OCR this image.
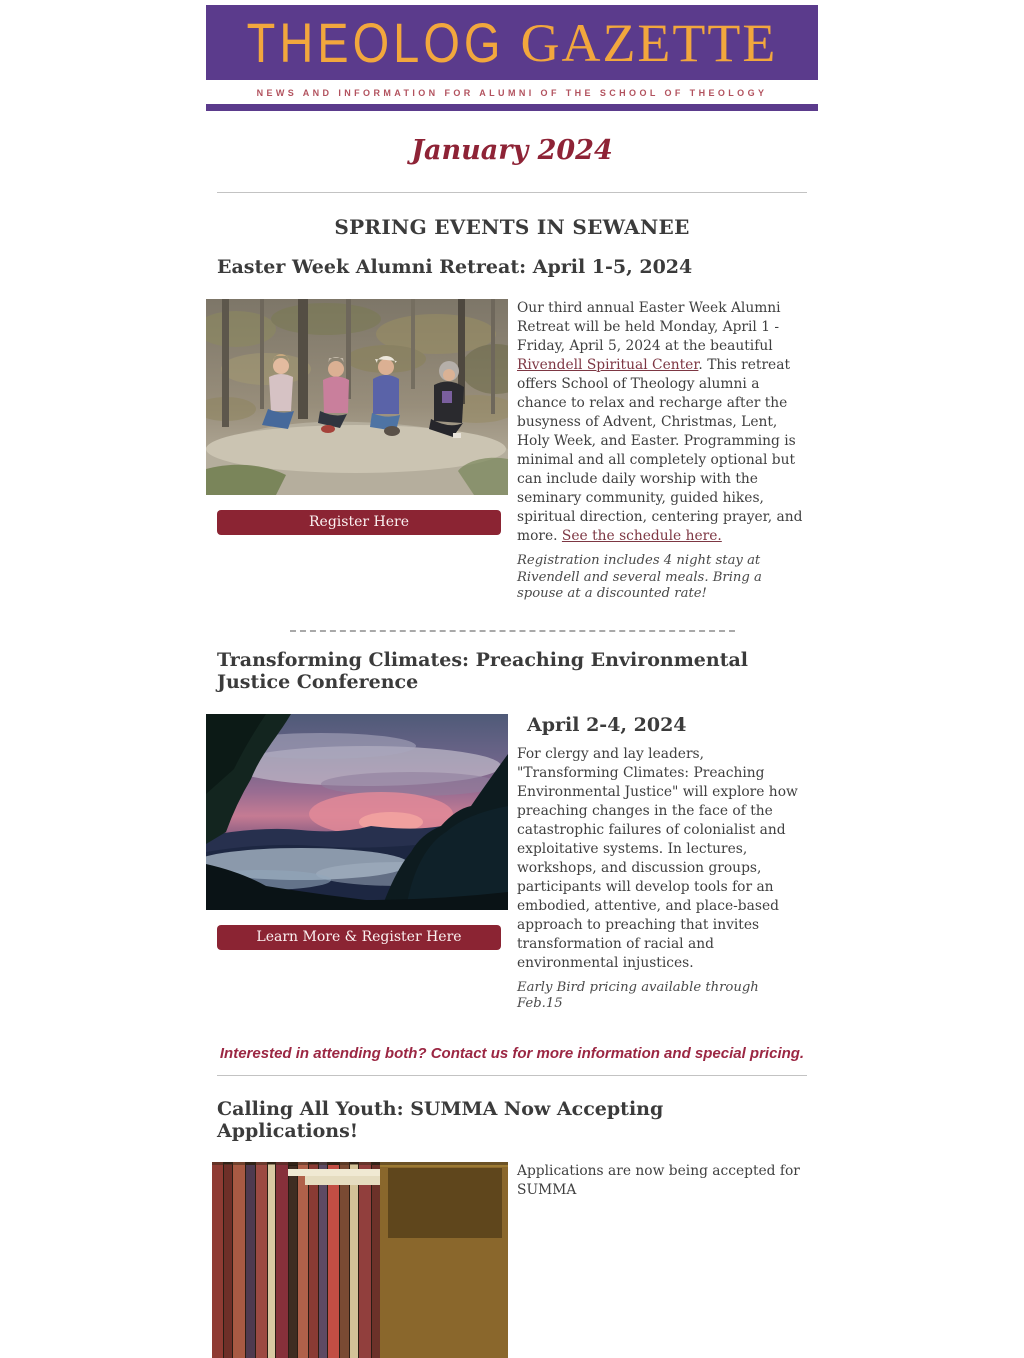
THEOLOG GAZETTE
NEWS AND INFORMATION FOR ALUMNI OF THE SCHOOL OF THEOLOGY
January 2024
SPRING EVENTS IN SEWANEE
Easter Week Alumni Retreat: April 1-5, 2024
Register Here

Our third annual Easter Week Alumni Retreat will be held Monday, April 1 - Friday, April 5, 2024 at the beautiful Rivendell Spiritual Center. This retreat offers School of Theology alumni a chance to relax and recharge after the busyness of Advent, Christmas, Lent, Holy Week, and Easter. Programming is minimal and all completely optional but can include daily worship with the seminary community, guided hikes, spiritual direction, centering prayer, and more. See the schedule here.

Registration includes 4 night stay at Rivendell and several meals. Bring a spouse at a discounted rate!

Transforming Climates: Preaching Environmental Justice Conference
Learn More & Register Here
April 2-4, 2024

For clergy and lay leaders, "Transforming Climates: Preaching Environmental Justice" will explore how preaching changes in the face of the catastrophic failures of colonialist and exploitative systems. In lectures, workshops, and discussion groups, participants will develop tools for an embodied, attentive, and place-based approach to preaching that invites transformation of racial and environmental injustices.

Early Bird pricing available through Feb.15

Interested in attending both? Contact us for more information and special pricing.
Calling All Youth: SUMMA Now Accepting Applications!

Applications are now being accepted for SUMMA
